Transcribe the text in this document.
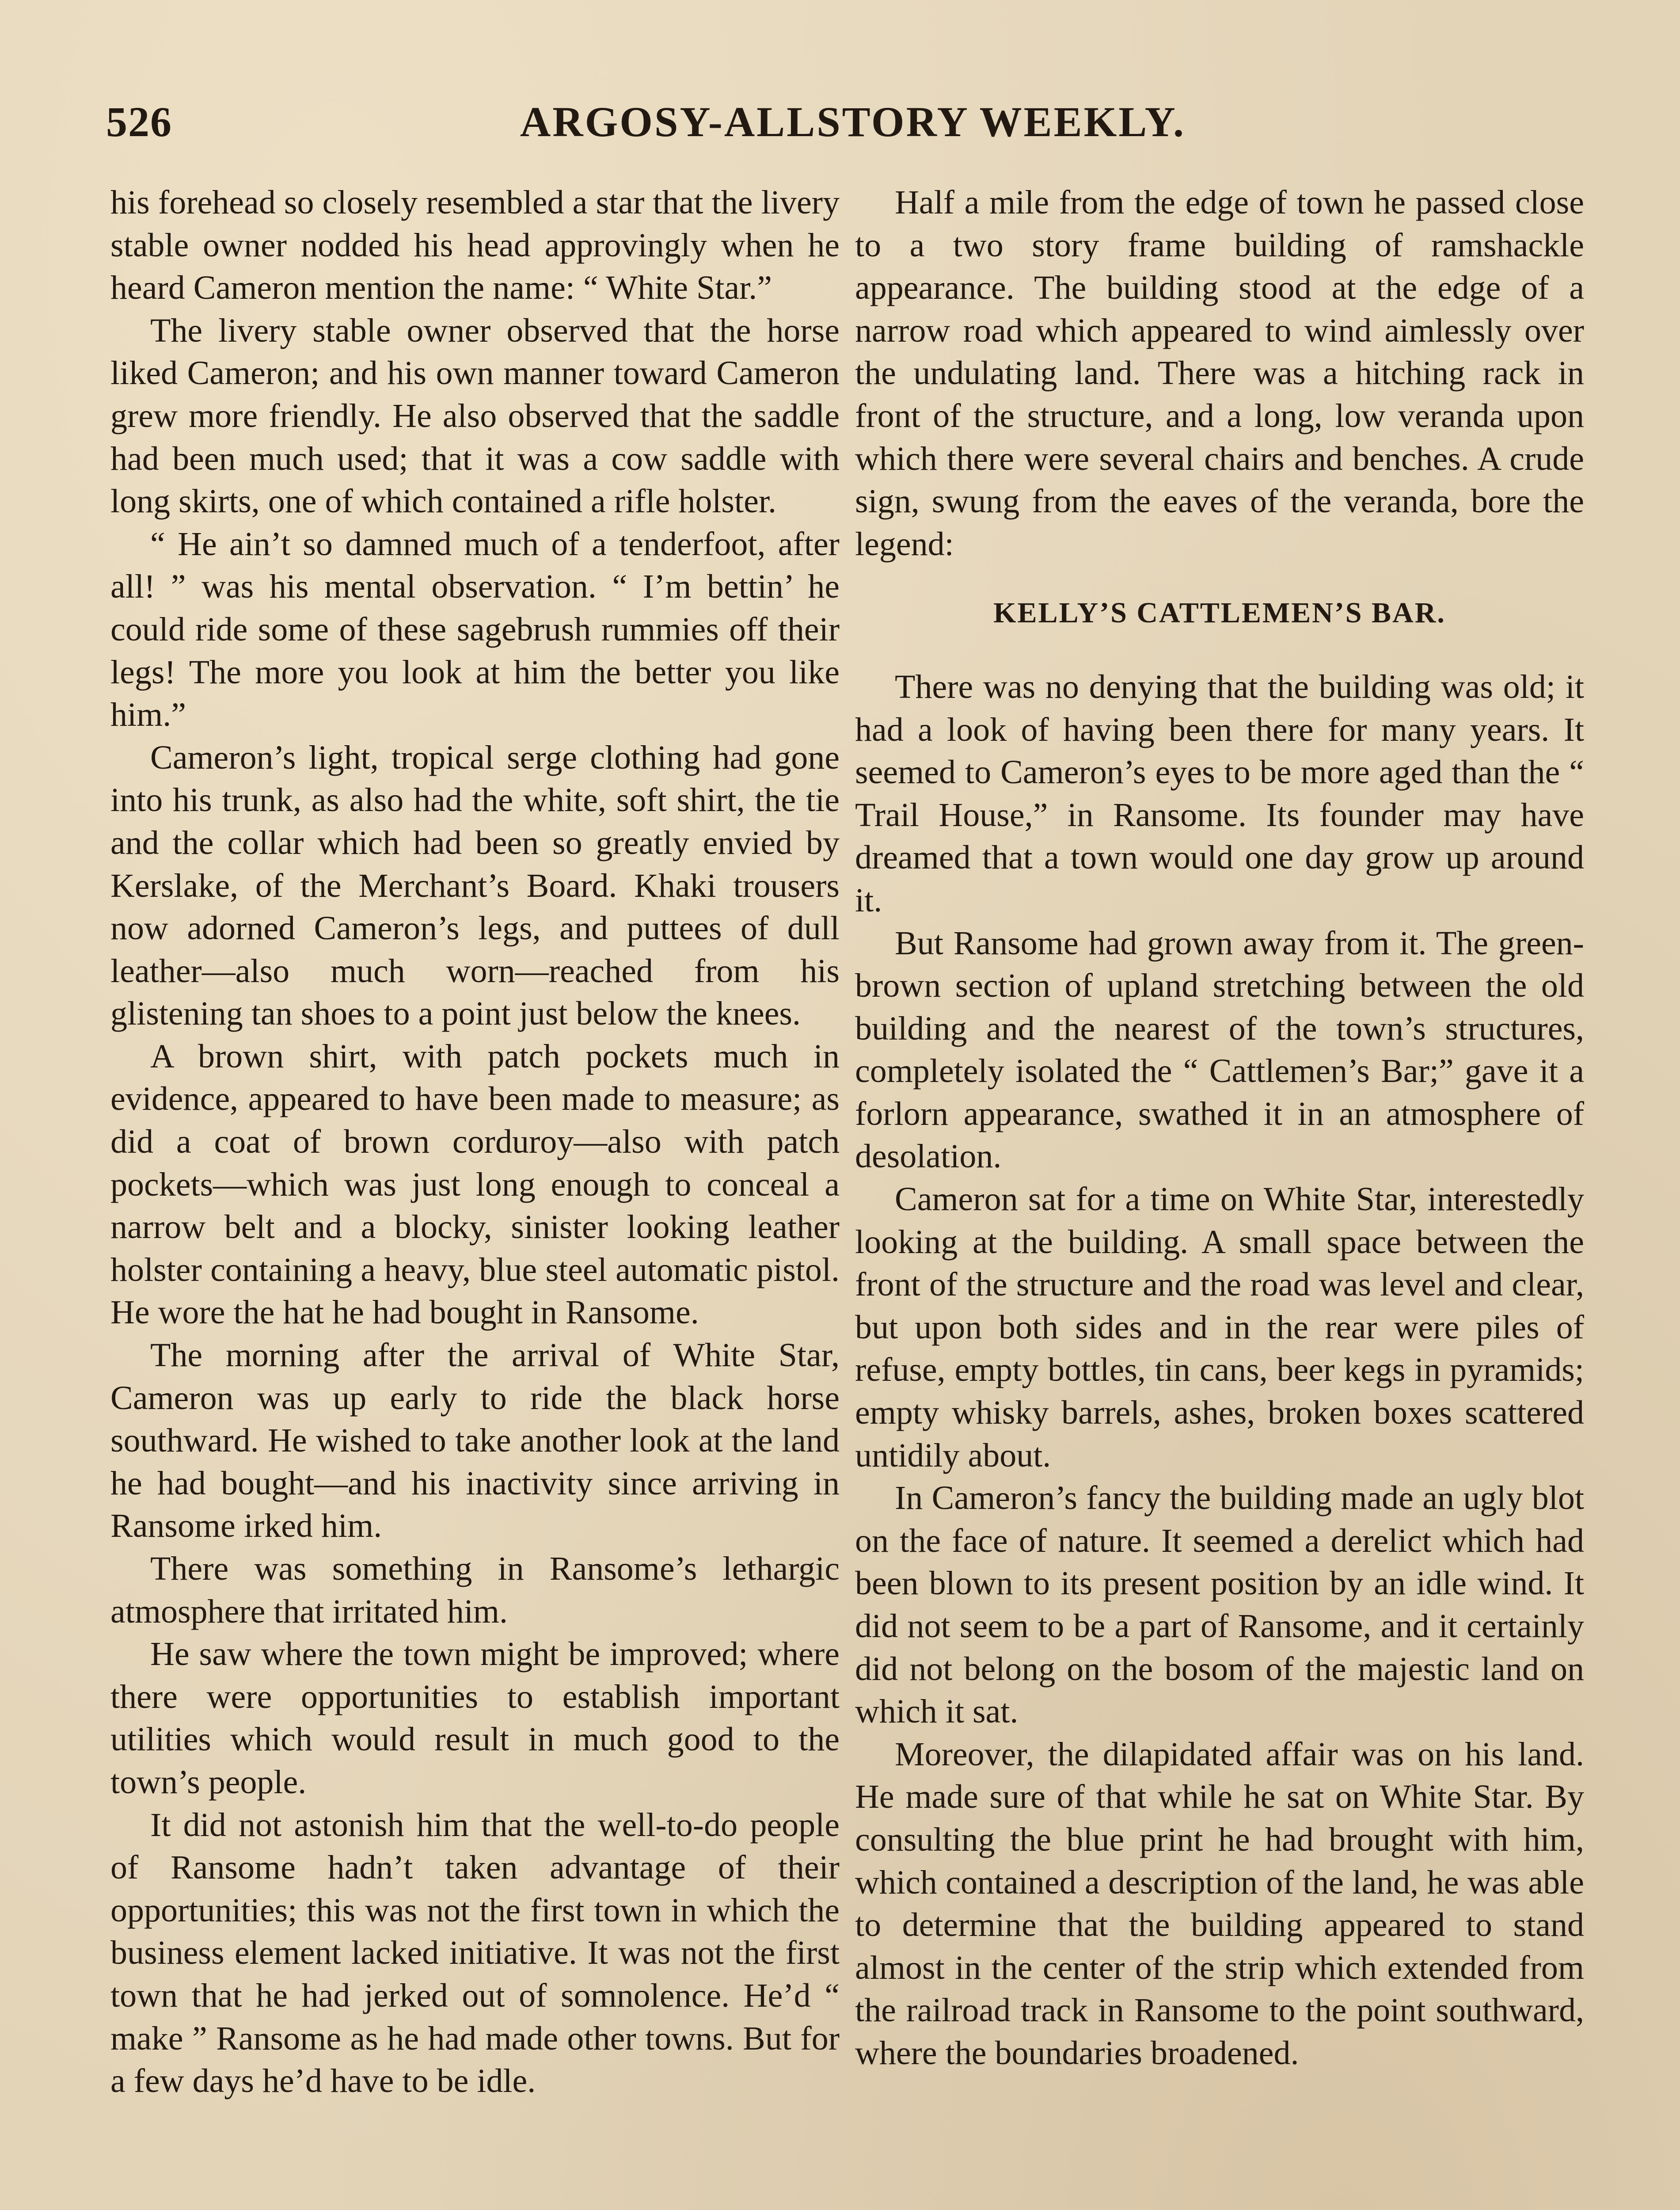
526	ARGOSY-ALLSTORY WEEKLY.

his forehead so closely resembled a star that the livery stable owner nodded his head approvingly when he heard Cameron mention the name: “ White Star.”

The livery stable owner observed that the horse liked Cameron; and his own manner toward Cameron grew more friendly. He also observed that the saddle had been much used; that it was a cow saddle with long skirts, one of which contained a rifle holster.

“ He ain’t so damned much of a tenderfoot, after all! ” was his mental observation. “ I’m bettin’ he could ride some of these sagebrush rummies off their legs! The more you look at him the better you like him.”

Cameron’s light, tropical serge clothing had gone into his trunk, as also had the white, soft shirt, the tie and the collar which had been so greatly envied by Kerslake, of the Merchant’s Board. Khaki trousers now adorned Cameron’s legs, and puttees of dull leather—also much worn—reached from his glistening tan shoes to a point just below the knees.

A brown shirt, with patch pockets much in evidence, appeared to have been made to measure; as did a coat of brown corduroy—also with patch pockets—which was just long enough to conceal a narrow belt and a blocky, sinister looking leather holster containing a heavy, blue steel automatic pistol. He wore the hat he had bought in Ransome.

The morning after the arrival of White Star, Cameron was up early to ride the black horse southward. He wished to take another look at the land he had bought—and his inactivity since arriving in Ransome irked him.

There was something in Ransome’s lethargic atmosphere that irritated him.

He saw where the town might be improved; where there were opportunities to establish important utilities which would result in much good to the town’s people.

It did not astonish him that the well-to-do people of Ransome hadn’t taken advantage of their opportunities; this was not the first town in which the business element lacked initiative. It was not the first town that he had jerked out of somnolence. He’d “ make ” Ransome as he had made other towns. But for a few days he’d have to be idle.

Half a mile from the edge of town he passed close to a two story frame building of ramshackle appearance. The building stood at the edge of a narrow road which appeared to wind aimlessly over the undulating land. There was a hitching rack in front of the structure, and a long, low veranda upon which there were several chairs and benches. A crude sign, swung from the eaves of the veranda, bore the legend:

KELLY’S CATTLEMEN’S BAR.

There was no denying that the building was old; it had a look of having been there for many years. It seemed to Cameron’s eyes to be more aged than the “ Trail House,” in Ransome. Its founder may have dreamed that a town would one day grow up around it.

But Ransome had grown away from it. The green-brown section of upland stretching between the old building and the nearest of the town’s structures, completely isolated the “ Cattlemen’s Bar;” gave it a forlorn appearance, swathed it in an atmosphere of desolation.

Cameron sat for a time on White Star, interestedly looking at the building. A small space between the front of the structure and the road was level and clear, but upon both sides and in the rear were piles of refuse, empty bottles, tin cans, beer kegs in pyramids; empty whisky barrels, ashes, broken boxes scattered untidily about.

In Cameron’s fancy the building made an ugly blot on the face of nature. It seemed a derelict which had been blown to its present position by an idle wind. It did not seem to be a part of Ransome, and it certainly did not belong on the bosom of the majestic land on which it sat.

Moreover, the dilapidated affair was on his land. He made sure of that while he sat on White Star. By consulting the blue print he had brought with him, which contained a description of the land, he was able to determine that the building appeared to stand almost in the center of the strip which extended from the railroad track in Ransome to the point southward, where the boundaries broadened.
